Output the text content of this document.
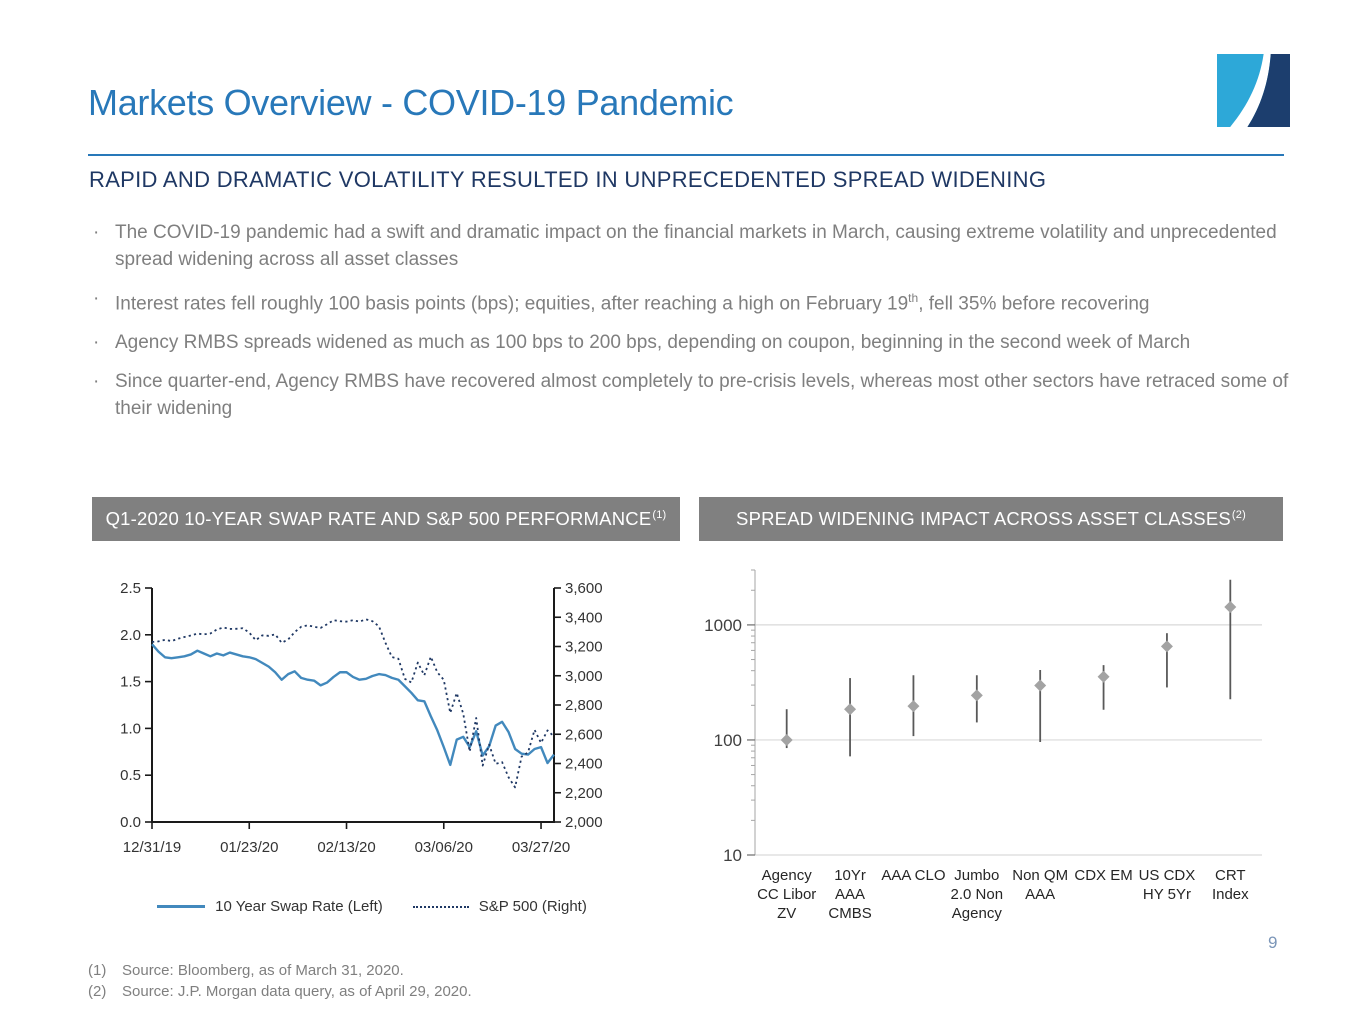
Markets Overview - COVID-19 Pandemic
RAPID AND DRAMATIC VOLATILITY RESULTED IN UNPRECEDENTED SPREAD WIDENING
· The COVID-19 pandemic had a swift and dramatic impact on the financial markets in March, causing extreme volatility and unprecedented spread widening across all asset classes
· Interest rates fell roughly 100 basis points (bps); equities, after reaching a high on February 19th, fell 35% before recovering
· Agency RMBS spreads widened as much as 100 bps to 200 bps, depending on coupon, beginning in the second week of March
· Since quarter-end, Agency RMBS have recovered almost completely to pre-crisis levels, whereas most other sectors have retraced some of their widening
Q1-2020 10-YEAR SWAP RATE AND S&P 500 PERFORMANCE$^{(1)}$	SPREAD WIDENING IMPACT ACROSS ASSET CLASSES$^{(2)}$
0.0
0.5
1.0
1.5
2.0
2.5
2,000
2,200
2,400
2,600
2,800
3,000
3,200
3,400
3,600
12/31/19	01/23/20	02/13/20	03/06/20	03/27/20
10 Year Swap Rate (Left)	S&P 500 (Right)
10
100
1000
Agency
CC Libor
ZV
10Yr
AAA
CMBS
AAA CLO Jumbo
2.0 Non
Agency
Non QM
AAA
CDX EM US CDX
HY 5Yr
CRT
Index
(1)	Source: Bloomberg, as of March 31, 2020.
(2)	Source: J.P. Morgan data query, as of April 29, 2020.
9
